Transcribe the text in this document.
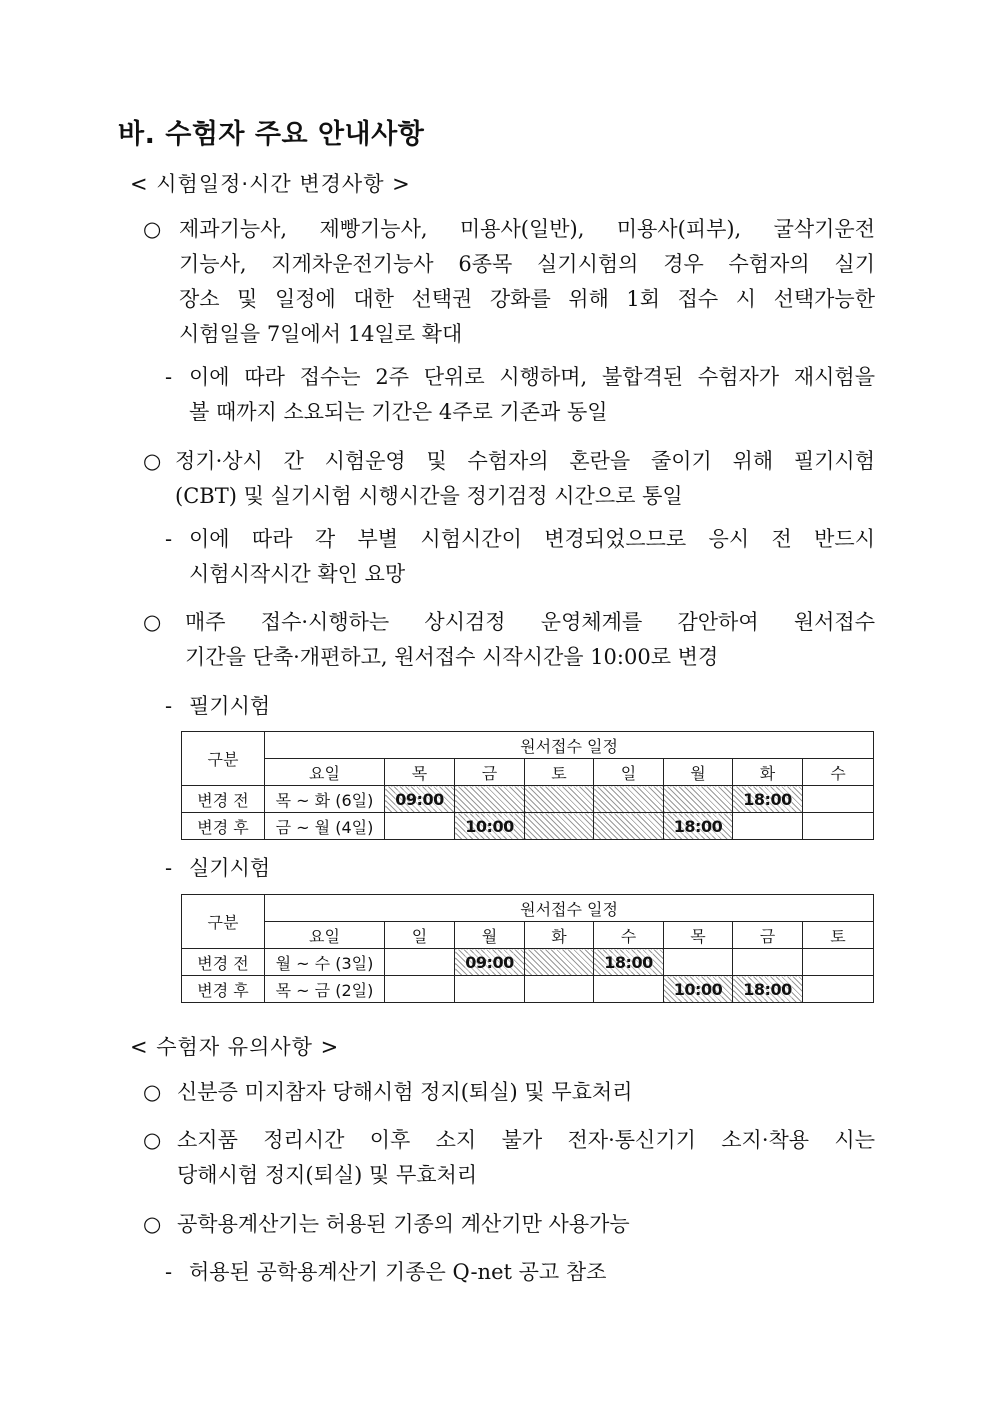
바. 수험자 주요 안내사항
< 시험일정·시간 변경사항 >
○ 제과기능사, 제빵기능사, 미용사(일반), 미용사(피부), 굴삭기운전
기능사, 지게차운전기능사 6종목 실기시험의 경우 수험자의 실기
장소 및 일정에 대한 선택권 강화를 위해 1회 접수 시 선택가능한
시험일을 7일에서 14일로 확대
- 이에 따라 접수는 2주 단위로 시행하며, 불합격된 수험자가 재시험을
볼 때까지 소요되는 기간은 4주로 기존과 동일
○ 정기·상시 간 시험운영 및 수험자의 혼란을 줄이기 위해 필기시험
(CBT) 및 실기시험 시행시간을 정기검정 시간으로 통일
- 이에 따라 각 부별 시험시간이 변경되었으므로 응시 전 반드시
시험시작시간 확인 요망
○ 매주 접수·시행하는 상시검정 운영체계를 감안하여 원서접수
기간을 단축·개편하고, 원서접수 시작시간을 10:00로 변경
- 필기시험
구분	원서접수 일정							
	요일	목	금	토	일	월	화	수
변경 전	목 ~ 화 (6일)	09:00					18:00	
변경 후	금 ~ 월 (4일)		10:00			18:00		
- 실기시험
구분	원서접수 일정							
	요일	일	월	화	수	목	금	토
변경 전	월 ~ 수 (3일)		09:00		18:00			
변경 후	목 ~ 금 (2일)					10:00	18:00	
< 수험자 유의사항 >
○ 신분증 미지참자 당해시험 정지(퇴실) 및 무효처리
○ 소지품 정리시간 이후 소지 불가 전자·통신기기 소지·착용 시는
당해시험 정지(퇴실) 및 무효처리
○ 공학용계산기는 허용된 기종의 계산기만 사용가능
- 허용된 공학용계산기 기종은 Q-net 공고 참조
